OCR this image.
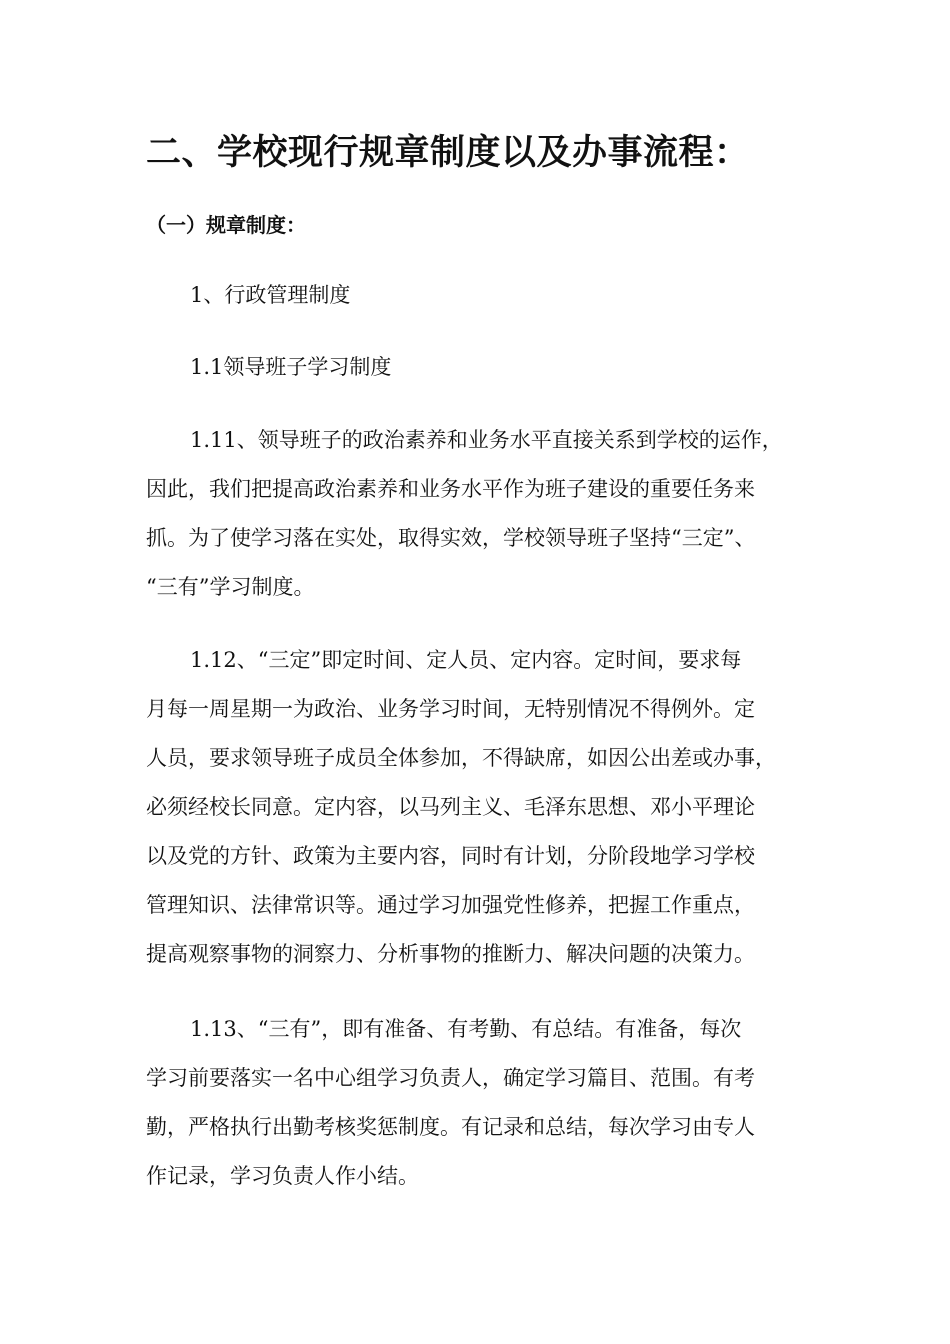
二、学校现行规章制度以及办事流程：
（一）规章制度：

1、行政管理制度

1.1领导班子学习制度

1.11、领导班子的政治素养和业务水平直接关系到学校的运作，
因此，我们把提高政治素养和业务水平作为班子建设的重要任务来
抓。为了使学习落在实处，取得实效，学校领导班子坚持“三定”、
“三有”学习制度。
1.12、“三定”即定时间、定人员、定内容。定时间，要求每
月每一周星期一为政治、业务学习时间，无特别情况不得例外。定
人员，要求领导班子成员全体参加，不得缺席，如因公出差或办事，
必须经校长同意。定内容，以马列主义、毛泽东思想、邓小平理论
以及党的方针、政策为主要内容，同时有计划，分阶段地学习学校
管理知识、法律常识等。通过学习加强党性修养，把握工作重点，
提高观察事物的洞察力、分析事物的推断力、解决问题的决策力。
1.13、“三有”，即有准备、有考勤、有总结。有准备，每次
学习前要落实一名中心组学习负责人，确定学习篇目、范围。有考
勤，严格执行出勤考核奖惩制度。有记录和总结，每次学习由专人
作记录，学习负责人作小结。
